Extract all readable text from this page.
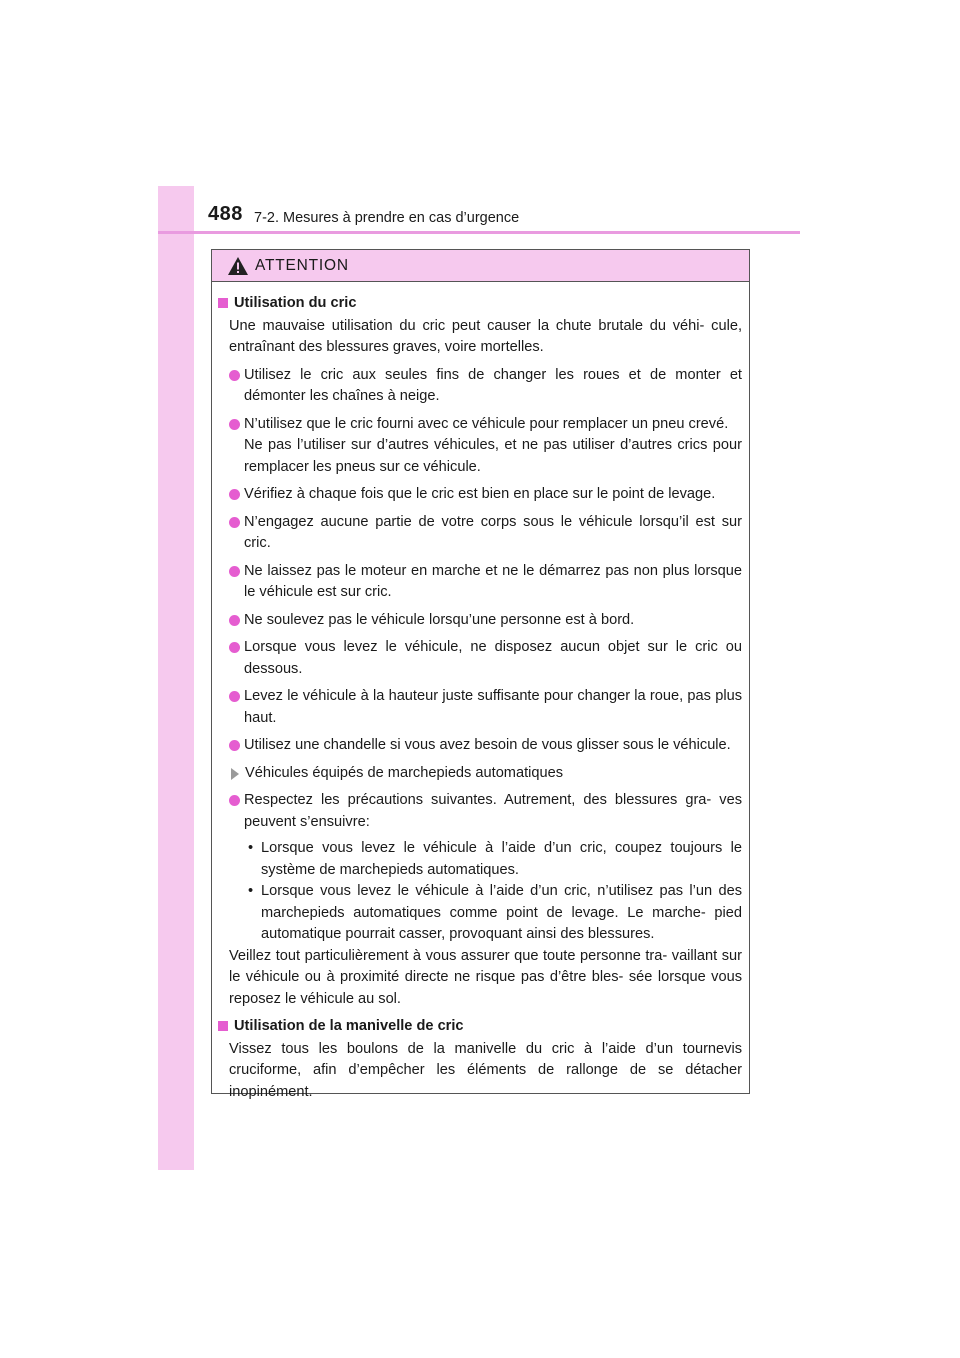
488 7-2. Mesures à prendre en cas d’urgence
ATTENTION
Utilisation du cric
Une mauvaise utilisation du cric peut causer la chute brutale du véhi- cule, entraînant des blessures graves, voire mortelles.
Utilisez le cric aux seules fins de changer les roues et de monter et démonter les chaînes à neige.
N’utilisez que le cric fourni avec ce véhicule pour remplacer un pneu crevé.
Ne pas l’utiliser sur d’autres véhicules, et ne pas utiliser d’autres crics pour remplacer les pneus sur ce véhicule.
Vérifiez à chaque fois que le cric est bien en place sur le point de levage.
N’engagez aucune partie de votre corps sous le véhicule lorsqu’il est sur cric.
Ne laissez pas le moteur en marche et ne le démarrez pas non plus lorsque le véhicule est sur cric.
Ne soulevez pas le véhicule lorsqu’une personne est à bord.
Lorsque vous levez le véhicule, ne disposez aucun objet sur le cric ou dessous.
Levez le véhicule à la hauteur juste suffisante pour changer la roue, pas plus haut.
Utilisez une chandelle si vous avez besoin de vous glisser sous le véhicule.
Véhicules équipés de marchepieds automatiques
Respectez les précautions suivantes. Autrement, des blessures gra- ves peuvent s’ensuivre:
• Lorsque vous levez le véhicule à l’aide d’un cric, coupez toujours le système de marchepieds automatiques.
• Lorsque vous levez le véhicule à l’aide d’un cric, n’utilisez pas l’un des marchepieds automatiques comme point de levage. Le marche- pied automatique pourrait casser, provoquant ainsi des blessures.
Veillez tout particulièrement à vous assurer que toute personne tra- vaillant sur le véhicule ou à proximité directe ne risque pas d’être bles- sée lorsque vous reposez le véhicule au sol.
Utilisation de la manivelle de cric
Vissez tous les boulons de la manivelle du cric à l’aide d’un tournevis cruciforme, afin d’empêcher les éléments de rallonge de se détacher inopinément.
